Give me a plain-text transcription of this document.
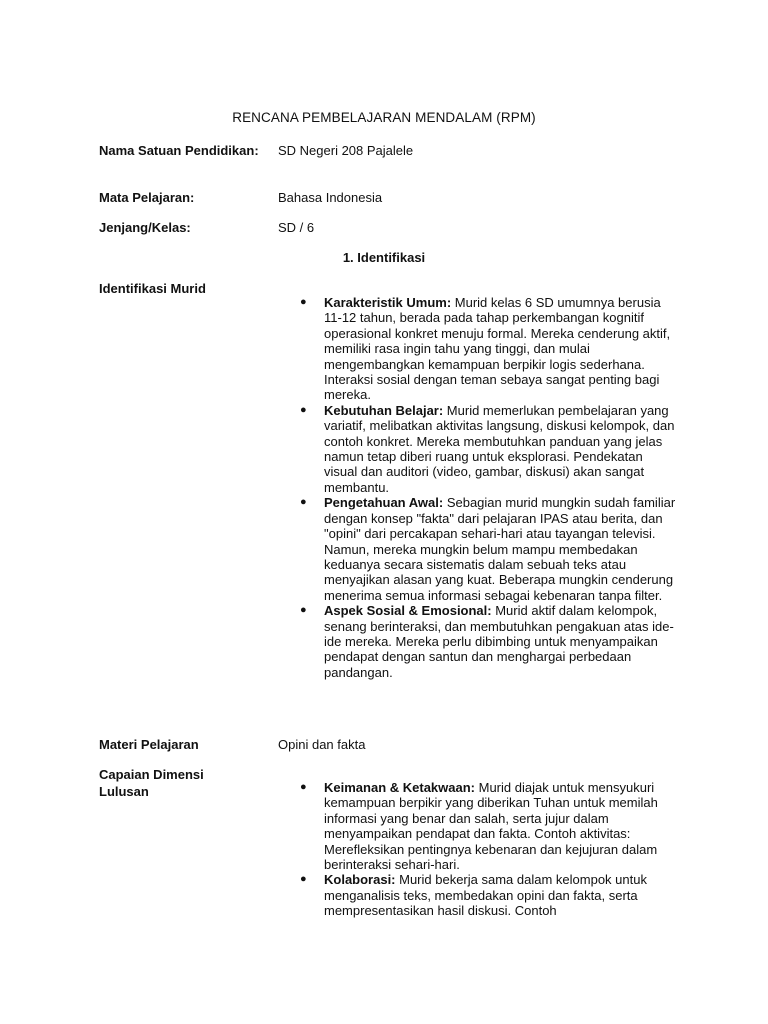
RENCANA PEMBELAJARAN MENDALAM (RPM)
Nama Satuan Pendidikan: SD Negeri 208 Pajalele
Mata Pelajaran:	Bahasa Indonesia
Jenjang/Kelas:	SD / 6
1. Identifikasi
Identifikasi Murid
● Karakteristik Umum: Murid kelas 6 SD umumnya berusia 11-12 tahun, berada pada tahap perkembangan kognitif operasional konkret menuju formal. Mereka cenderung aktif, memiliki rasa ingin tahu yang tinggi, dan mulai mengembangkan kemampuan berpikir logis sederhana. Interaksi sosial dengan teman sebaya sangat penting bagi mereka.
● Kebutuhan Belajar: Murid memerlukan pembelajaran yang variatif, melibatkan aktivitas langsung, diskusi kelompok, dan contoh konkret. Mereka membutuhkan panduan yang jelas namun tetap diberi ruang untuk eksplorasi. Pendekatan visual dan auditori (video, gambar, diskusi) akan sangat membantu.
● Pengetahuan Awal: Sebagian murid mungkin sudah familiar dengan konsep "fakta" dari pelajaran IPAS atau berita, dan "opini" dari percakapan sehari-hari atau tayangan televisi. Namun, mereka mungkin belum mampu membedakan keduanya secara sistematis dalam sebuah teks atau menyajikan alasan yang kuat. Beberapa mungkin cenderung menerima semua informasi sebagai kebenaran tanpa filter.
● Aspek Sosial & Emosional: Murid aktif dalam kelompok, senang berinteraksi, dan membutuhkan pengakuan atas ide-ide mereka. Mereka perlu dibimbing untuk menyampaikan pendapat dengan santun dan menghargai perbedaan pandangan.
Materi Pelajaran	Opini dan fakta
Capaian Dimensi Lulusan	● Keimanan & Ketakwaan: Murid diajak untuk mensyukuri kemampuan berpikir yang diberikan Tuhan untuk memilah informasi yang benar dan salah, serta jujur dalam menyampaikan pendapat dan fakta. Contoh aktivitas: Merefleksikan pentingnya kebenaran dan kejujuran dalam berinteraksi sehari-hari.
● Kolaborasi: Murid bekerja sama dalam kelompok untuk menganalisis teks, membedakan opini dan fakta, serta mempresentasikan hasil diskusi. Contoh
